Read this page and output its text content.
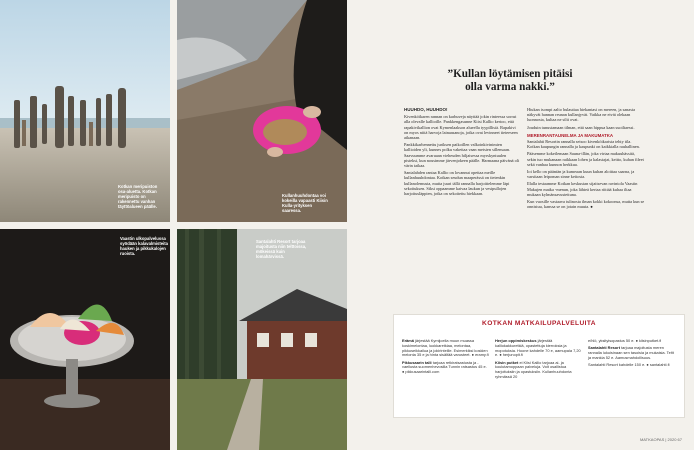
Kotkan meripuiston osa-aluetta. Kotkan meripuisto on rakennettu vanhan täyttöalueen päälle.
Kullanhuuhdontaa voi kokeilla vapaasti Kiisin Kulla-yrityksen saaressa.
Vaastin ulkopalvelussa syödään kalavalmisteita hauken ja pikkukalojen ruoista.
Santalahti Resort tarjoaa majoitusta niin telttoissa, mökeissä kuin lomahärvissä.
”Kullan löytämisen pitäisi olla varma nakki.”

HUUHDO, HUUHDO!

Kivenköikaren rannan on karhuveja näyttää jokin rinteessa sorrut alla olevalle kallioille. Pankkengasunne Kiisi Kallio kertoo, että rapakivikallion ovat Kymenlaakson alueella tyypillisiä. Rapakivi on myos niitä harvoja lainaasanoja, jotka ovat levinneet tieteeseen aikanaan.

Pankkikarhennettu juriksen paikoillen valkoinkivinimien kallioiden yli, kunnes polku vakettaa vaan metsien sillensaan. Saavuumme avaruaan vieheuden hiljaisessa myrskyntuulen pisteksi, kun nousimme järvenjokeen päälle. Harmaana päivänä oli värin taikaa.

Santalahden rantaa Kallio on lovannut opettaa meille kullanhuuhdontaa. Kotkan seudun maaperässä on tietenkin kullanolemusta, mutta juuri tällä rannalla harjoittelemme läpi sekoituksen. Siksi oppaamme kaivaa laukun ja vesipullojen harjoitusläppien, jotka on sekoitettu hiekkaan.

Hiukan isompi aalto hulauttaa hiekantasi on mereen, ja sanasta näkyvät hannan reunan kullanjyvät. Vaikka ne eivät olekaan luonnosta, kultaa ne silti ovat.

Jouduin tunustamaan tilman, että saan hippua kaan suoiltaessi.

MERENRANTAUNELMA JA MAKUMATKA

Santalahti Resortin rannalla seisoo kivenköikarista tehty tila. Kotkan kaupungin rannalla ja kaupunki on kaikkialla rauhallinen.

Pääsemme kokeilemaan Sauna-illän, joka virtaa makuuhässitä, sekin tuo mukanaan raikkaan lohen ja kalastajat, keitto, kuhan fileet sekä vanhaa kunnon herkkua.

Ioi kello on pääntän ja kumeaan kuun kuhan aloittaa saarna, ja varsitaan leipoman sinne keitosta.

Illalla testaamme Kotkan keskustan sijaitsevan ravintola Vaastin Makujen matka -menun, joka lähteä kertaa riittää kuhaa iltaa mukaan kylmänsavustettuna.

Kun vuosille vastaava tulinosta ilman kokki kokoonsa, mutta kun se onnistuu, kanssa se on jotain muuta. ●

KOTKAN MATKAILUPALVELUITA

Erämä järjestää Kymijoella muun muassa koskimelontaa, luokkaretkiaa, melontaa, pikkuseikkailua ja jokirinteille. Esimerkiksi koskien melonta 35 e ja hinta sisältää varusteet. ● eramy.fi

Pikkusaarin talli tarjoaa retkiratsastusta ja -vaellusta suomenhevosilla Tunnin ratsastus 45 e. ● pikkusaarintalli.com

Herjun oppimiskeskus järjestää kalliokakkuretkiä, opastettuja kierroksia ja mopotuksia. Hoone kahdelle 70 e, aamupala 7,20 e. ● herjunopit.fi

Kiisin putket ei Kiisi Kallio tarjoaa ai- ja koulutamoppaan palveluja. Voit osallistua harjoituksiin ja opastuksiin. Kullanhuuhdonta ryhmässä 20

e/hlö, yksityisopastus 50 e. ● kiisinputket.fi

Santalahti Resort tarjoaa majoitusta meren rannalla lukuisinaan sen tasoisia ja mukaisia. Teltt ja mankia 52 e. Aamusmahdollisuus.

Santalahti Resort kahdelle 150 e. ● santalahti.fi

MATKAOPAS | 2020 67
